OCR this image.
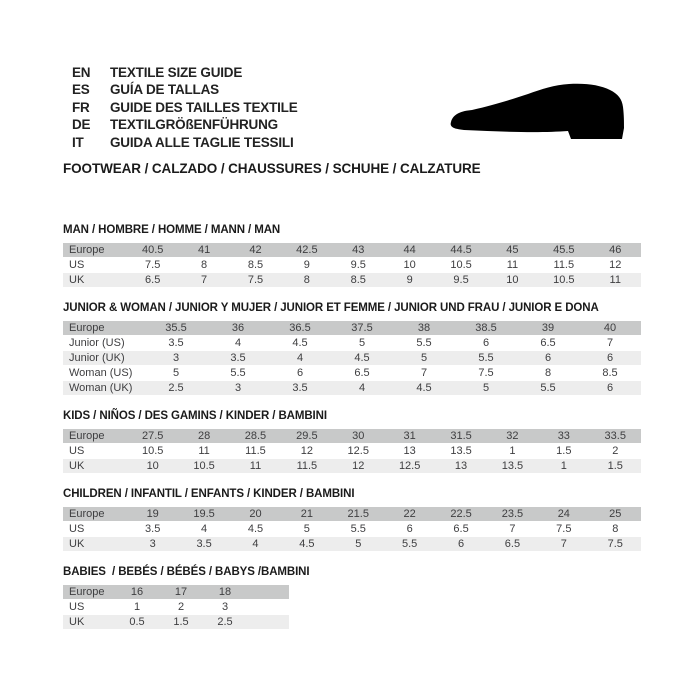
EN	TEXTILE SIZE GUIDE
ES	GUÍA DE TALLAS
FR	GUIDE DES TAILLES TEXTILE
DE	TEXTILGRÖßENFÜHRUNG
IT	GUIDA ALLE TAGLIE TESSILI
FOOTWEAR / CALZADO / CHAUSSURES / SCHUHE / CALZATURE
MAN / HOMBRE / HOMME / MANN / MAN
Europe	40.5	41	42	42.5	43	44	44.5	45	45.5	46
US	7.5	8	8.5	9	9.5	10	10.5	11	11.5	12
UK	6.5	7	7.5	8	8.5	9	9.5	10	10.5	11
JUNIOR & WOMAN / JUNIOR Y MUJER / JUNIOR ET FEMME / JUNIOR UND FRAU / JUNIOR E DONA
Europe	35.5	36	36.5	37.5	38	38.5	39	40
Junior (US)	3.5	4	4.5	5	5.5	6	6.5	7
Junior (UK)	3	3.5	4	4.5	5	5.5	6	6
Woman (US)	5	5.5	6	6.5	7	7.5	8	8.5
Woman (UK)	2.5	3	3.5	4	4.5	5	5.5	6
KIDS / NIÑOS / DES GAMINS / KINDER / BAMBINI
Europe	27.5	28	28.5	29.5	30	31	31.5	32	33	33.5
US	10.5	11	11.5	12	12.5	13	13.5	1	1.5	2
UK	10	10.5	11	11.5	12	12.5	13	13.5	1	1.5
CHILDREN / INFANTIL / ENFANTS / KINDER / BAMBINI
Europe	19	19.5	20	21	21.5	22	22.5	23.5	24	25
US	3.5	4	4.5	5	5.5	6	6.5	7	7.5	8
UK	3	3.5	4	4.5	5	5.5	6	6.5	7	7.5
BABIES  / BEBÉS / BÉBÉS / BABYS /BAMBINI
Europe	16	17	18	
US	1	2	3	
UK	0.5	1.5	2.5	
